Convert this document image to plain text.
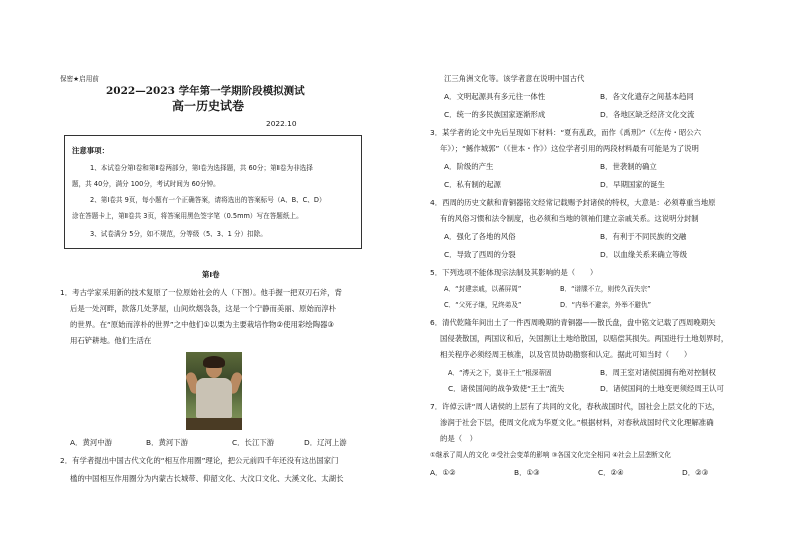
保密★启用前
2022—2023 学年第一学期阶段模拟测试
高一历史试卷
2022.10
注意事项：
1、本试卷分第Ⅰ卷和第Ⅱ卷两部分，第Ⅰ卷为选择题，共 60分；第Ⅱ卷为非选择
题，共 40分，满分 100分，考试时间为 60分钟。
2、第Ⅰ卷共 9页，每小题有一个正确答案，请将选出的答案标号（A、B、C、D）
涂在答题卡上，第Ⅱ卷共 3页，将答案用黑色签字笔（0.5mm）写在答题纸上。
3、试卷满分 5分，如不规范，分等级（5、3、1 分）扣除。
第Ⅰ卷
1．考古学家采用新的技术复原了一位原始社会的人（下图）。他手握一把双刃石斧，背
后是一处河畔，款落几处茅屋，山间炊烟袅袅，这是一个宁静而美丽、原始而淳朴
的世界。在“原始而淳朴的世界”之中他们①以栗为主要栽培作物②使用彩绘陶器③
用石铲耕地。他们生活在
A．黄河中游	B．黄河下游	C．长江下游	D．辽河上游
2．有学者提出中国古代文化的“相互作用圈”理论，把公元前四千年还没有这出国家门
槛的中国相互作用圈分为内蒙古长城带、仰韶文化、大汶口文化、大溪文化、太湖长
江三角洲文化等。该学者意在说明中国古代
A．文明起源具有多元往一体性	B．各文化遗存之间基本趋同
C．统一的多民族国家逐渐形成	D．各地区缺乏经济文化交流
3．某学者的论文中先后呈现如下材料：“夏有乱政，而作《禹刑》”（《左传・昭公六
年》）；“鲧作城郭”（《世本・作》）这位学者引用的两段材料最有可能是为了说明
A．阶级的产生	B．世袭制的确立
C．私有制的起源	D．早期国家的诞生
4．西周的历史文献和青铜器铭文经常记载赐予封诸侯的特权，大意是：必须尊重当地原
有的风俗习惯和法令制度，也必须和当地的领袖们建立亲戚关系。这说明分封制
A．强化了各地的风俗	B．有利于不同民族的交融
C．导致了西周的分裂	D．以血缘关系来确立等级
5．下列选项不能体现宗法制及其影响的是（　　）
A．“封建亲戚，以蕃屏周”	B．“谱牒不立，则传久而失宗”
C．“父死子继，兄终弟及”	D．“内举不避亲，外举不避仇”
6．清代乾隆年间出土了一件西周晚期的青铜器——散氏盘，盘中铭文记载了西周晚期矢
国侵袭散国，两国议和后，矢国割让土地给散国，以赔偿其损失。两国进行土地划界时，
相关程序必须经周王核准，以及官员协助勘察和认定。据此可知当时（　　）
A．“溥天之下，莫非王土”根深蒂固	B．周王室对诸侯国拥有绝对控制权
C．诸侯国间的战争致使“王土”流失	D．诸侯国间的土地变更须经周王认可
7．许倬云讲“周人诸侯的上层有了共同的文化，春秋战国时代，国社会上层文化的下达，
渗润于社会下层，使周文化成为华夏文化。”根据材料，对春秋战国时代文化理解准确
的是（　）
①继承了周人的文化 ②受社会变革的影响 ③各国文化完全相同 ④社会上层垄断文化
A．①②	B．①③	C．②④	D．②③
